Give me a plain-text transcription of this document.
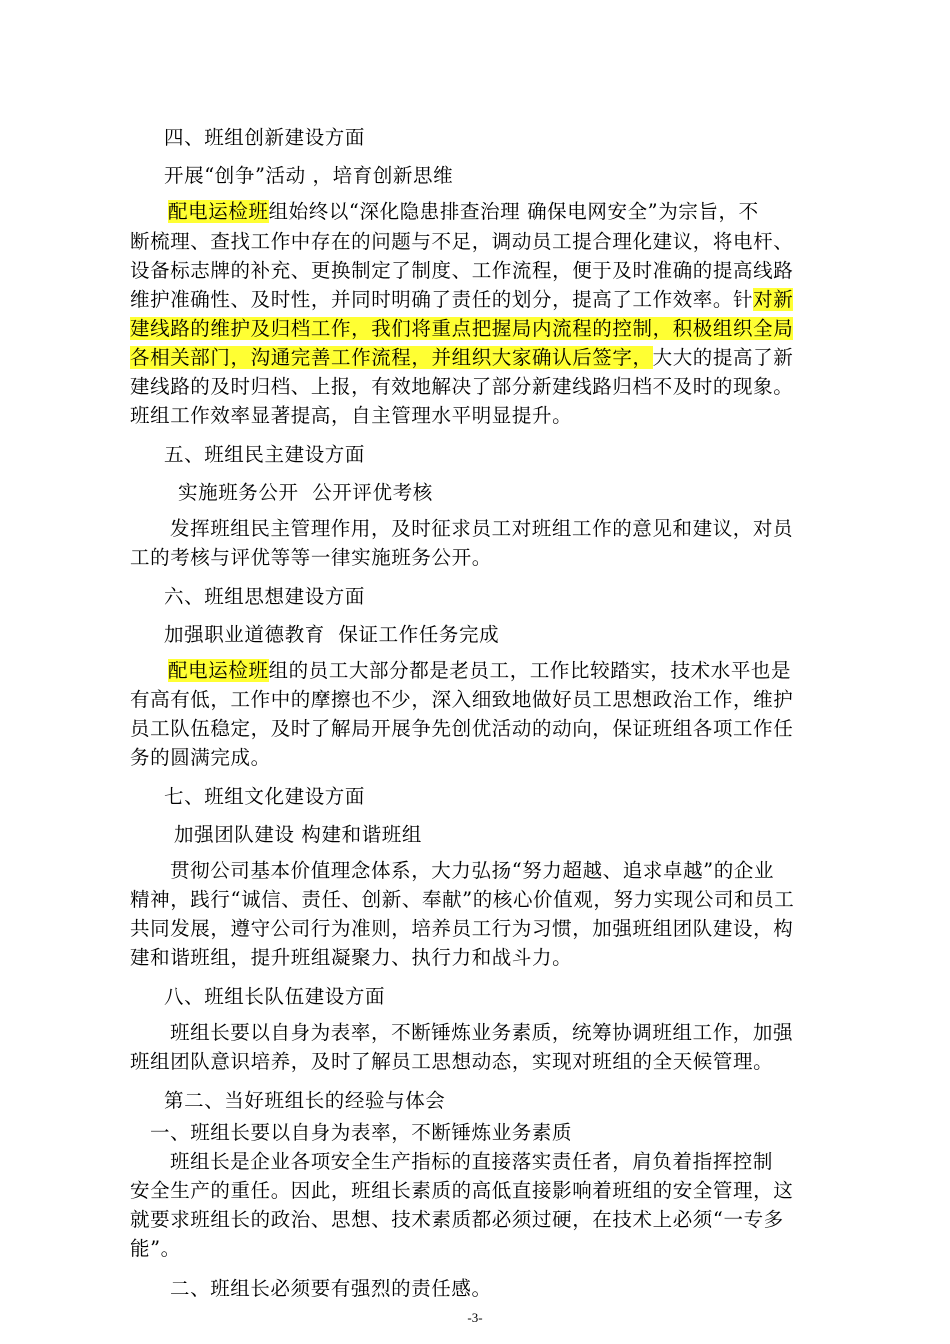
四、班组创新建设方面
开展“创争”活动 ，培育创新思维
配电运检班组始终以“深化隐患排查治理 确保电网安全”为宗旨，不
断梳理、查找工作中存在的问题与不足，调动员工提合理化建议，将电杆、
设备标志牌的补充、更换制定了制度、工作流程，便于及时准确的提高线路
维护准确性、及时性，并同时明确了责任的划分，提高了工作效率。针对新
建线路的维护及归档工作，我们将重点把握局内流程的控制，积极组织全局
各相关部门，沟通完善工作流程，并组织大家确认后签字，大大的提高了新
建线路的及时归档、上报，有效地解决了部分新建线路归档不及时的现象。
班组工作效率显著提高，自主管理水平明显提升。
五、班组民主建设方面
实施班务公开  公开评优考核
发挥班组民主管理作用，及时征求员工对班组工作的意见和建议，对员
工的考核与评优等等一律实施班务公开。
六、班组思想建设方面
加强职业道德教育  保证工作任务完成
配电运检班组的员工大部分都是老员工，工作比较踏实，技术水平也是
有高有低，工作中的摩擦也不少，深入细致地做好员工思想政治工作，维护
员工队伍稳定，及时了解局开展争先创优活动的动向，保证班组各项工作任
务的圆满完成。
七、班组文化建设方面
加强团队建设 构建和谐班组
贯彻公司基本价值理念体系，大力弘扬“努力超越、追求卓越”的企业
精神，践行“诚信、责任、创新、奉献”的核心价值观，努力实现公司和员工
共同发展，遵守公司行为准则，培养员工行为习惯，加强班组团队建设，构
建和谐班组，提升班组凝聚力、执行力和战斗力。
八、班组长队伍建设方面
班组长要以自身为表率，不断锤炼业务素质，统筹协调班组工作，加强
班组团队意识培养，及时了解员工思想动态，实现对班组的全天候管理。
第二、当好班组长的经验与体会
一、班组长要以自身为表率，不断锤炼业务素质
班组长是企业各项安全生产指标的直接落实责任者，肩负着指挥控制
安全生产的重任。因此，班组长素质的高低直接影响着班组的安全管理，这
就要求班组长的政治、思想、技术素质都必须过硬，在技术上必须“一专多
能”。
二、班组长必须要有强烈的责任感。
-3-
